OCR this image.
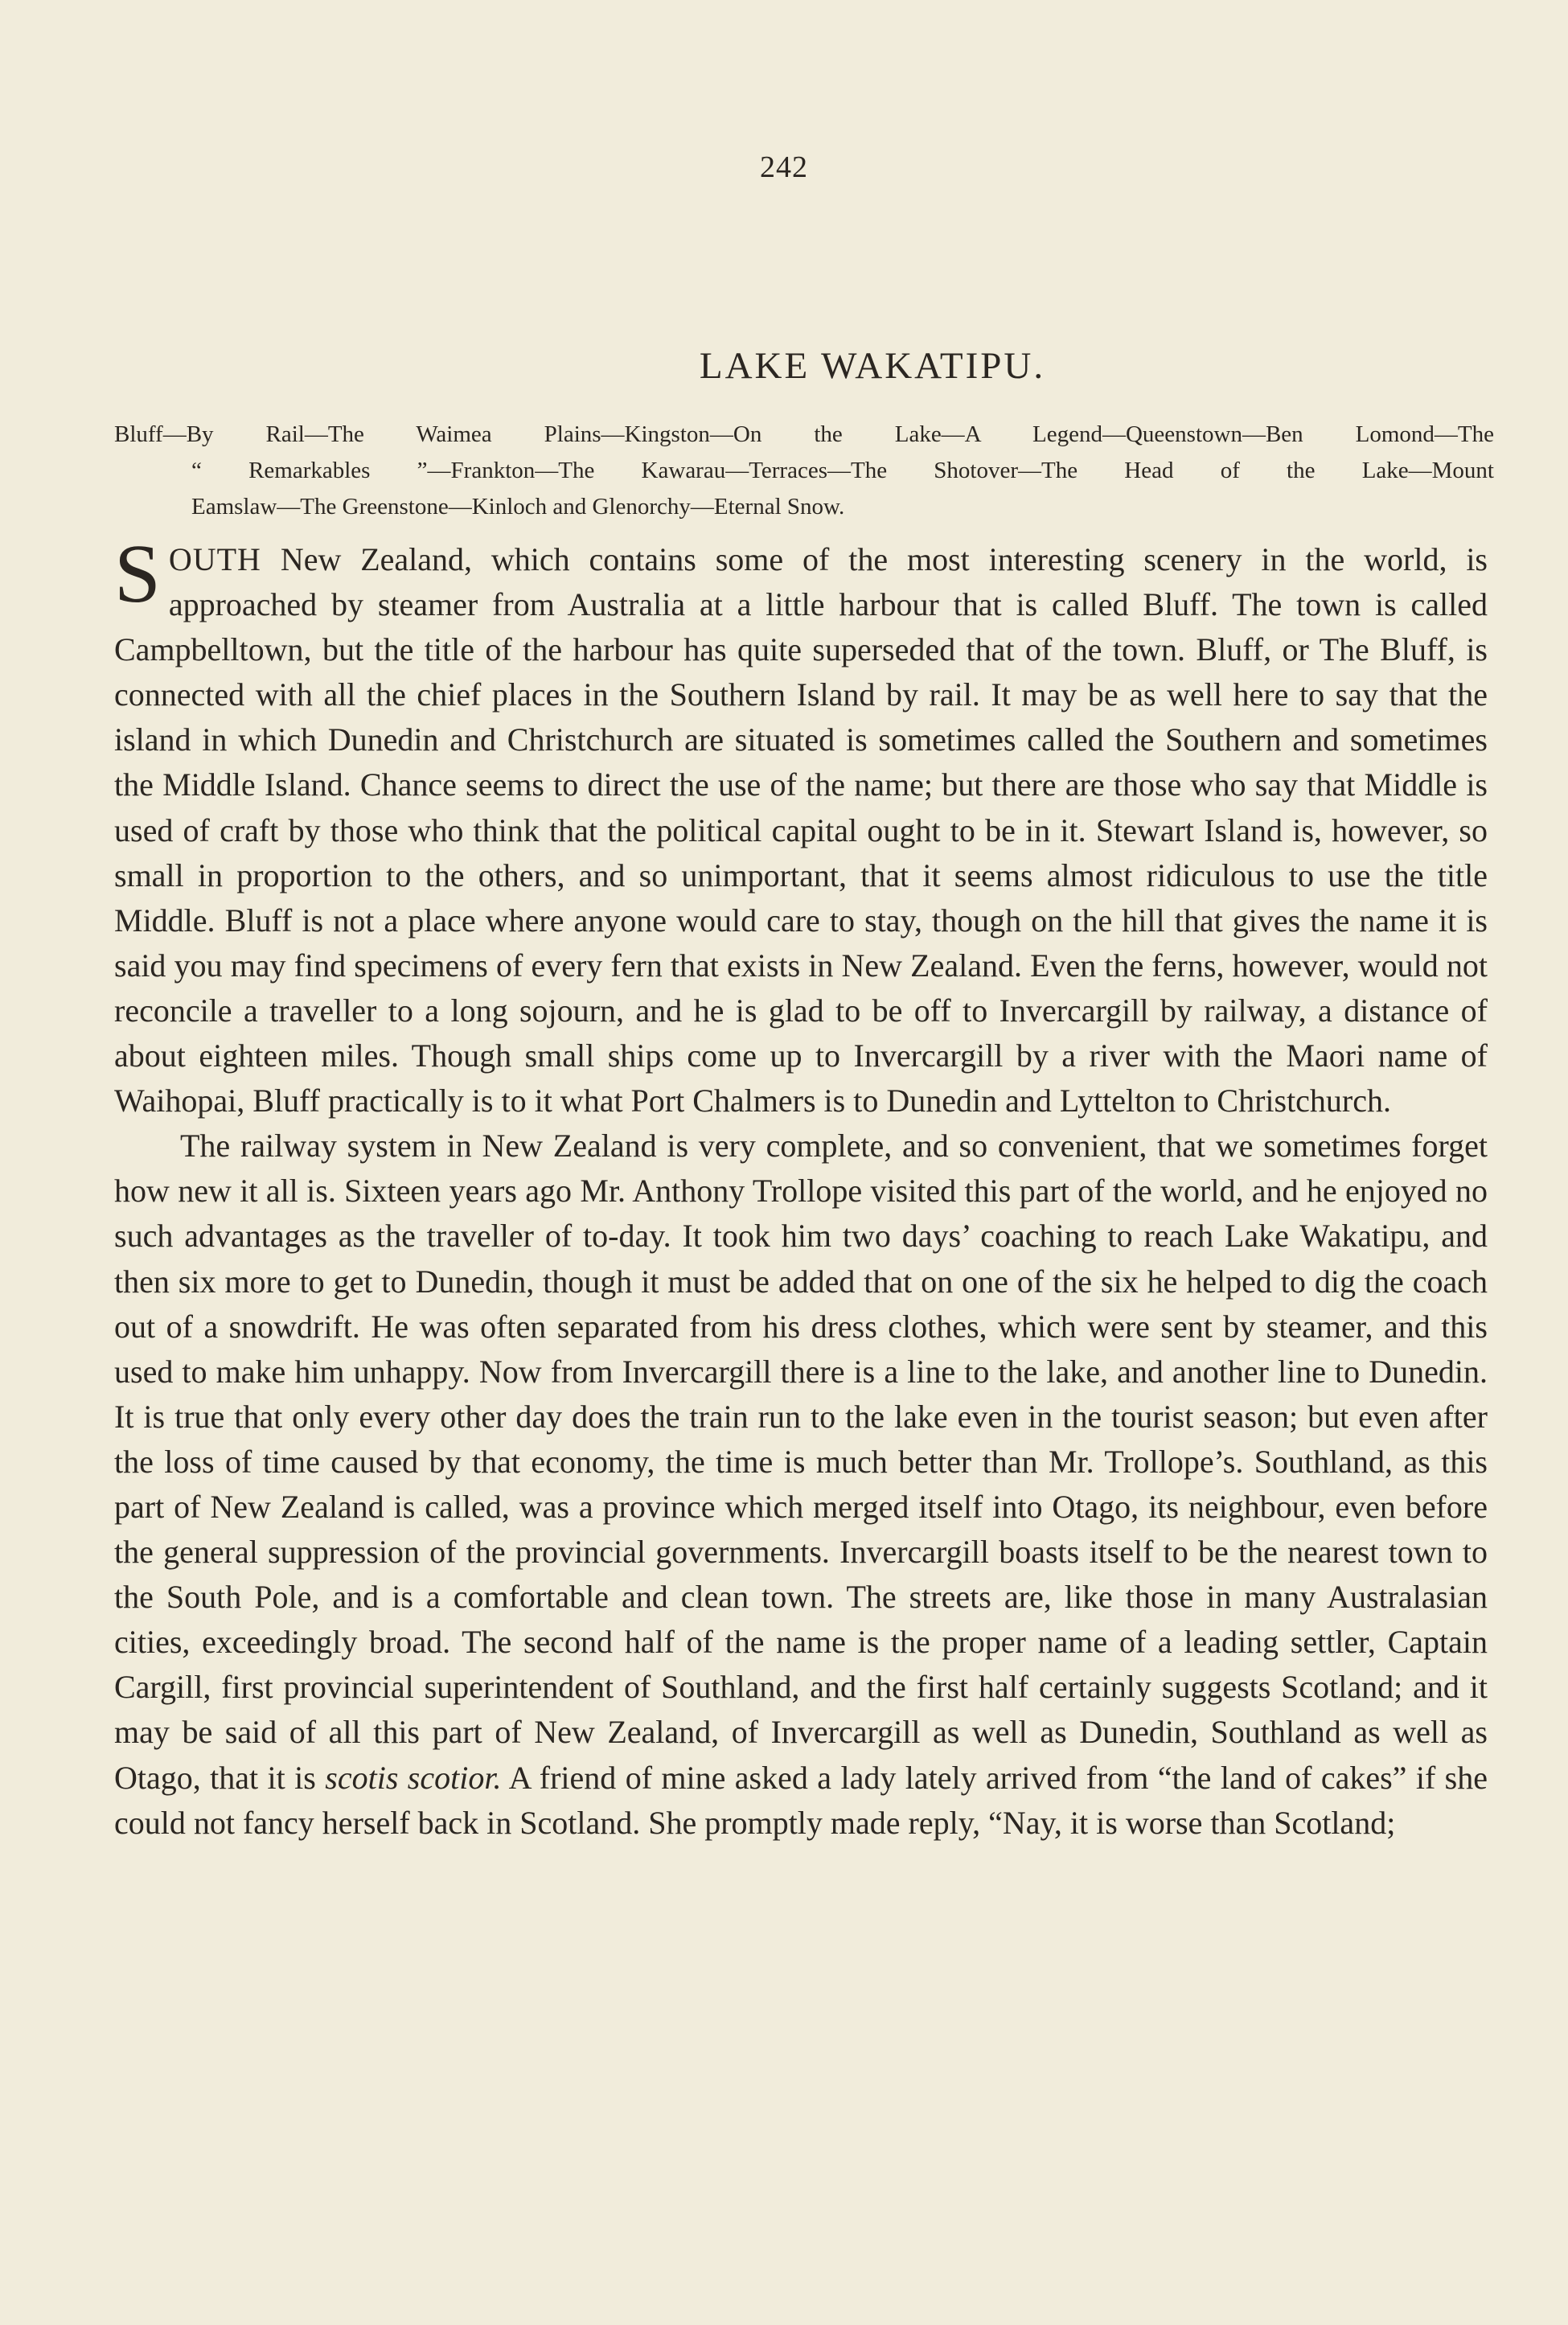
242
LAKE WAKATIPU.
Bluff—By Rail—The Waimea Plains—Kingston—On the Lake—A Legend—Queenstown—Ben Lomond—The
“ Remarkables ”—Frankton—The Kawarau—Terraces—The Shotover—The Head of the Lake—Mount
Eamslaw—The Greenstone—Kinloch and Glenorchy—Eternal Snow.

SOUTH New Zealand, which contains some of the most interesting scenery in the world, is approached by steamer from Australia at a little harbour that is called Bluff. The town is called Campbelltown, but the title of the harbour has quite superseded that of the town. Bluff, or The Bluff, is connected with all the chief places in the Southern Island by rail. It may be as well here to say that the island in which Dunedin and Christchurch are situated is sometimes called the Southern and sometimes the Middle Island. Chance seems to direct the use of the name; but there are those who say that Middle is used of craft by those who think that the political capital ought to be in it. Stewart Island is, however, so small in proportion to the others, and so unimportant, that it seems almost ridiculous to use the title Middle. Bluff is not a place where anyone would care to stay, though on the hill that gives the name it is said you may find specimens of every fern that exists in New Zealand. Even the ferns, however, would not reconcile a traveller to a long sojourn, and he is glad to be off to Invercargill by railway, a distance of about eighteen miles. Though small ships come up to Invercargill by a river with the Maori name of Waihopai, Bluff practically is to it what Port Chalmers is to Dunedin and Lyttelton to Christchurch.

The railway system in New Zealand is very complete, and so convenient, that we sometimes forget how new it all is. Sixteen years ago Mr. Anthony Trollope visited this part of the world, and he enjoyed no such advantages as the traveller of to-day. It took him two days’ coaching to reach Lake Wakatipu, and then six more to get to Dunedin, though it must be added that on one of the six he helped to dig the coach out of a snowdrift. He was often separated from his dress clothes, which were sent by steamer, and this used to make him unhappy. Now from Invercargill there is a line to the lake, and another line to Dunedin. It is true that only every other day does the train run to the lake even in the tourist season; but even after the loss of time caused by that economy, the time is much better than Mr. Trollope’s. Southland, as this part of New Zealand is called, was a province which merged itself into Otago, its neighbour, even before the general suppression of the provincial governments. Invercargill boasts itself to be the nearest town to the South Pole, and is a comfortable and clean town. The streets are, like those in many Australasian cities, exceedingly broad. The second half of the name is the proper name of a leading settler, Captain Cargill, first provincial superintendent of Southland, and the first half certainly suggests Scotland; and it may be said of all this part of New Zealand, of Invercargill as well as Dunedin, Southland as well as Otago, that it is scotis scotior. A friend of mine asked a lady lately arrived from “the land of cakes” if she could not fancy herself back in Scotland. She promptly made reply, “Nay, it is worse than Scotland;
